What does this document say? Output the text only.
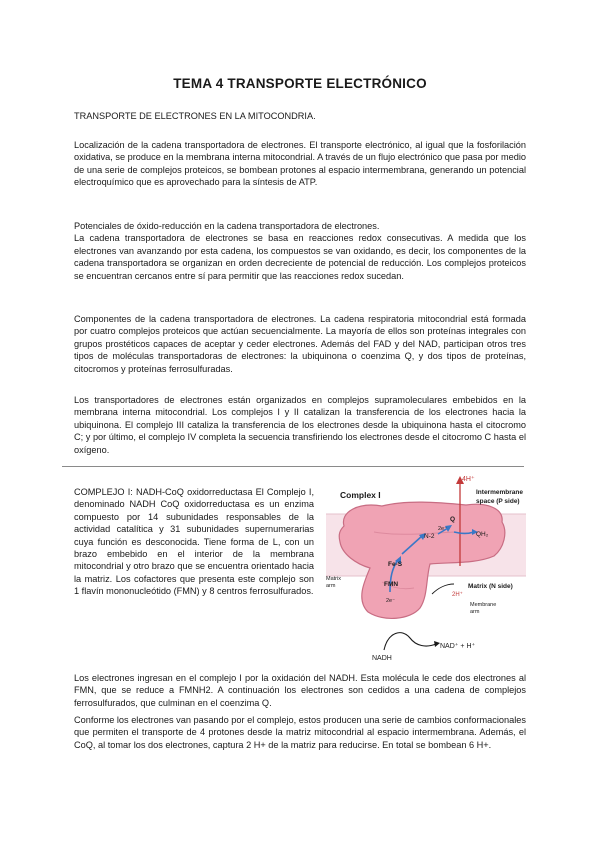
TEMA 4 TRANSPORTE ELECTRÓNICO

TRANSPORTE DE ELECTRONES EN LA MITOCONDRIA.

Localización de la cadena transportadora de electrones. El transporte electrónico, al igual que la fosforilación oxidativa, se produce en la membrana interna mitocondrial. A través de un flujo electrónico que pasa por medio de una serie de complejos proteicos, se bombean protones al espacio intermembrana, generando un potencial electroquímico que es aprovechado para la síntesis de ATP.

Potenciales de óxido-reducción en la cadena transportadora de electrones.
La cadena transportadora de electrones se basa en reacciones redox consecutivas. A medida que los electrones van avanzando por esta cadena, los compuestos se van oxidando, es decir, los componentes de la cadena transportadora se organizan en orden decreciente de potencial de reducción. Los complejos proteicos se encuentran cercanos entre sí para permitir que las reacciones redox sucedan.

Componentes de la cadena transportadora de electrones. La cadena respiratoria mitocondrial está formada por cuatro complejos proteicos que actúan secuencialmente. La mayoría de ellos son proteínas integrales con grupos prostéticos capaces de aceptar y ceder electrones. Además del FAD y del NAD, participan otros tres tipos de moléculas transportadoras de electrones: la ubiquinona o coenzima Q, y dos tipos de proteínas, citocromos y proteínas ferrosulfuradas.

Los transportadores de electrones están organizados en complejos supramoleculares embebidos en la membrana interna mitocondrial. Los complejos I y II catalizan la transferencia de los electrones hacia la ubiquinona. El complejo III cataliza la transferencia de los electrones desde la ubiquinona hasta el citocromo C; y por último, el complejo IV completa la secuencia transfiriendo los electrones desde el citocromo C hasta el oxígeno.

COMPLEJO I: NADH-CoQ oxidorreductasa El Complejo I, denominado NADH CoQ oxidorreductasa es un enzima compuesto por 14 subunidades responsables de la actividad catalítica y 31 subunidades supernumerarias cuya función es desconocida. Tiene forma de L, con un brazo embebido en el interior de la membrana mitocondrial y otro brazo que se encuentra orientado hacia la matriz. Los cofactores que presenta este complejo son 1 flavín mononucleótido (FMN) y 8 centros ferrosulfurados.

4H⁺
Complex I	Intermembrane
space (P side)
Q
QH₂
N-2
2e⁻
Fe-S
FMN
2e⁻
Matrix
arm	Matrix (N side)
Membrane
arm
2H⁺
NADH
NAD⁺ + H⁺

Los electrones ingresan en el complejo I por la oxidación del NADH. Esta molécula le cede dos electrones al FMN, que se reduce a FMNH2. A continuación los electrones son cedidos a una cadena de complejos ferrosulfurados, que culminan en el coenzima Q.

Conforme los electrones van pasando por el complejo, estos producen una serie de cambios conformacionales que permiten el transporte de 4 protones desde la matriz mitocondrial al espacio intermembrana. Además, el CoQ, al tomar los dos electrones, captura 2 H+ de la matriz para reducirse. En total se bombean 6 H+.
